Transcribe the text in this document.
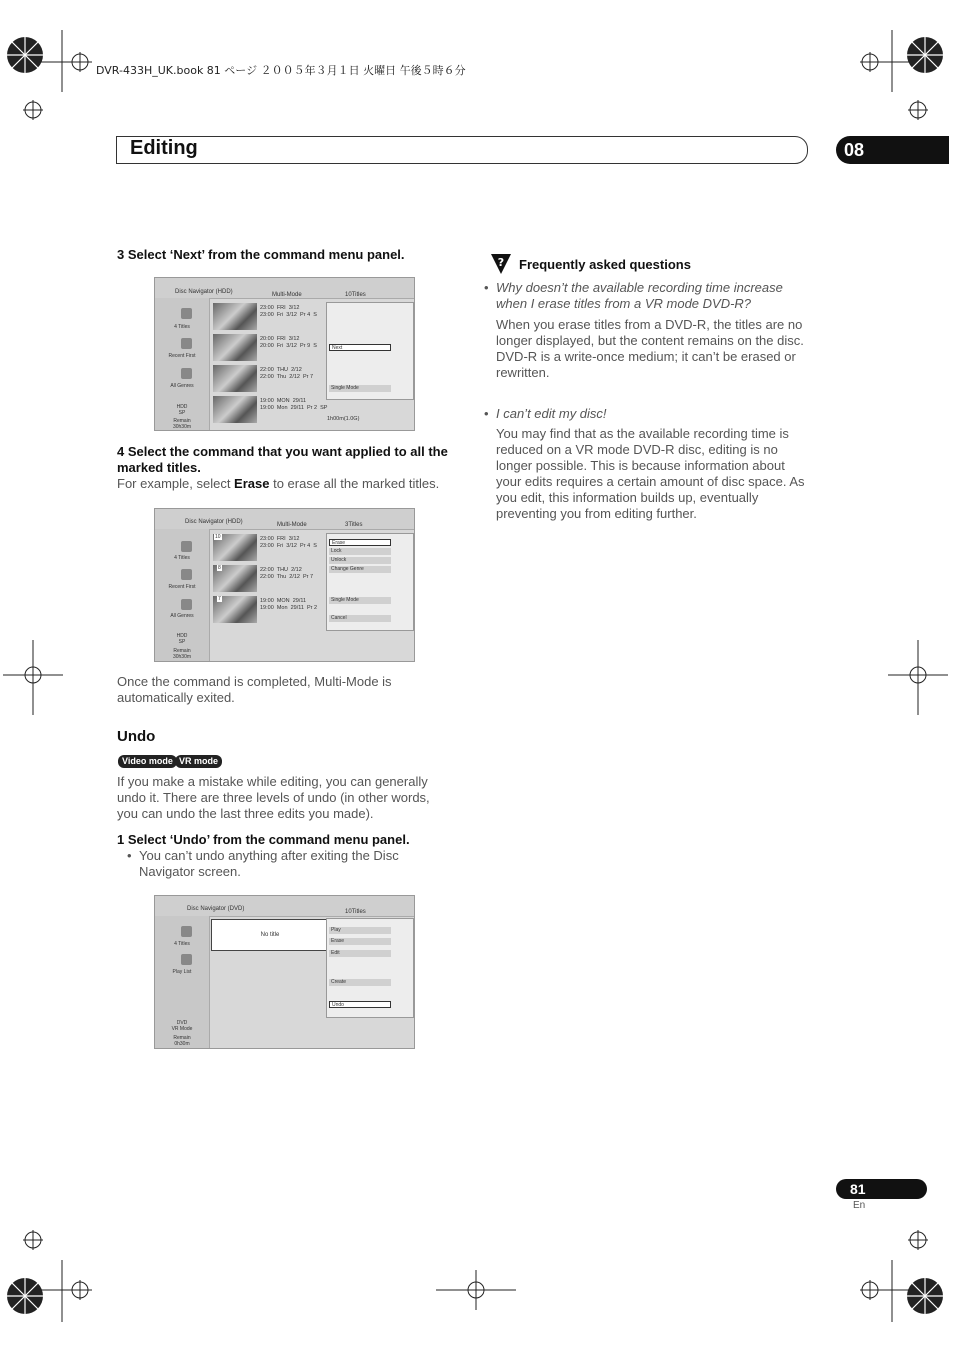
DVR-433H_UK.book 81 ページ ２００５年３月１日 火曜日 午後５時６分
Editing	08
3 Select ‘Next’ from the command menu panel.
Disc Navigator (HDD)	Multi-Mode	10Titles
4 Titles
Recent First
All Genres
HDD
SP
Remain
30h30m
23:00  FRI  3/12
23:00  Fri  3/12  Pr 4  S
20:00  FRI  3/12
20:00  Fri  3/12  Pr 9  S
22:00  THU  2/12
22:00  Thu  2/12  Pr 7
19:00  MON  29/11
19:00  Mon  29/11  Pr 2  SP
1h00m(1.0G)
Next
Single Mode
4 Select the command that you want applied to all the marked titles.
For example, select Erase to erase all the marked titles.
Disc Navigator (HDD)	Multi-Mode	3Titles
4 Titles
Recent First
All Genres
HDD
SP
Remain
30h30m
10	23:00  FRI  3/12
23:00  Fri  3/12  Pr 4  S
8	22:00  THU  2/12
22:00  Thu  2/12  Pr 7
7	19:00  MON  29/11
19:00  Mon  29/11  Pr 2
Erase
Lock
Unlock
Change Genre
Single Mode
Cancel
Once the command is completed, Multi-Mode is automatically exited.
Undo
Video mode VR mode
If you make a mistake while editing, you can generally undo it. There are three levels of undo (in other words, you can undo the last three edits you made).
1 Select ‘Undo’ from the command menu panel.
• You can’t undo anything after exiting the Disc Navigator screen.
Disc Navigator (DVD)	10Titles
4 Titles
Play List
DVD
VR Mode
Remain
0h30m
No title
Play
Erase
Edit
Create
Undo
? Frequently asked questions
• Why doesn’t the available recording time increase when I erase titles from a VR mode DVD-R?
When you erase titles from a DVD-R, the titles are no longer displayed, but the content remains on the disc. DVD-R is a write-once medium; it can’t be erased or rewritten.
• I can’t edit my disc!
You may find that as the available recording time is reduced on a VR mode DVD-R disc, editing is no longer possible. This is because information about your edits requires a certain amount of disc space. As you edit, this information builds up, eventually preventing you from editing further.
81
En
